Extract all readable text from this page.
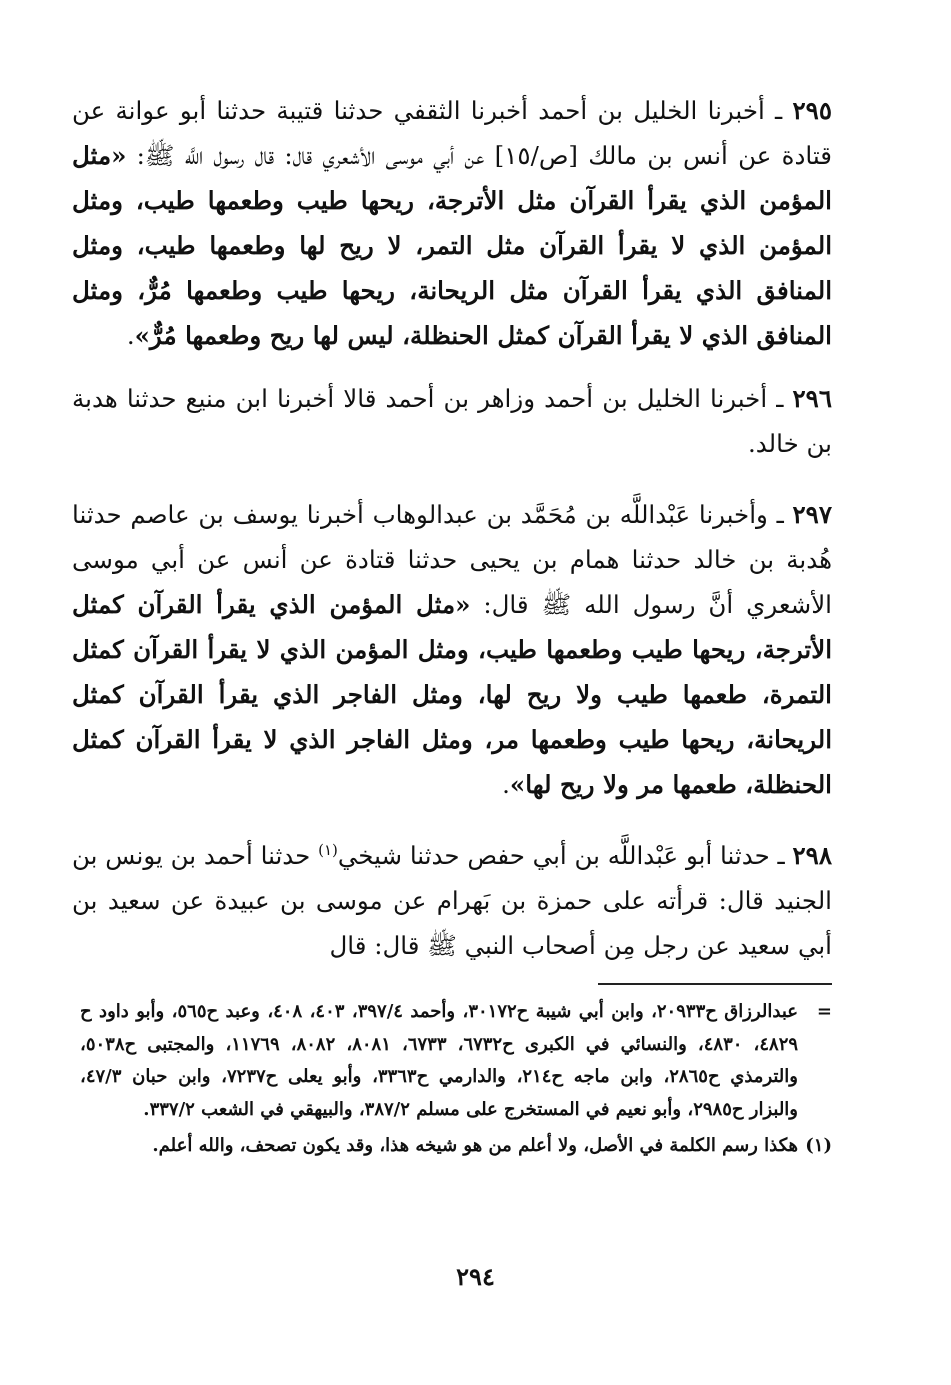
٢٩٥ ـ أخبرنا الخليل بن أحمد أخبرنا الثقفي حدثنا قتيبة حدثنا أبو عوانة عن قتادة عن أنس بن مالك [ص/١٥] عن أبي موسى الأشعري قال: قال رسول اللَّه ﷺ: «مثل المؤمن الذي يقرأ القرآن مثل الأترجة، ريحها طيب وطعمها طيب، ومثل المؤمن الذي لا يقرأ القرآن مثل التمر، لا ريح لها وطعمها طيب، ومثل المنافق الذي يقرأ القرآن مثل الريحانة، ريحها طيب وطعمها مُرٌّ، ومثل المنافق الذي لا يقرأ القرآن كمثل الحنظلة، ليس لها ريح وطعمها مُرٌّ».

٢٩٦ ـ أخبرنا الخليل بن أحمد وزاهر بن أحمد قالا أخبرنا ابن منيع حدثنا هدبة بن خالد.

٢٩٧ ـ وأخبرنا عَبْداللَّه بن مُحَمَّد بن عبدالوهاب أخبرنا يوسف بن عاصم حدثنا هُدبة بن خالد حدثنا همام بن يحيى حدثنا قتادة عن أنس عن أبي موسى الأشعري أنَّ رسول الله ﷺ قال: «مثل المؤمن الذي يقرأ القرآن كمثل الأترجة، ريحها طيب وطعمها طيب، ومثل المؤمن الذي لا يقرأ القرآن كمثل التمرة، طعمها طيب ولا ريح لها، ومثل الفاجر الذي يقرأ القرآن كمثل الريحانة، ريحها طيب وطعمها مر، ومثل الفاجر الذي لا يقرأ القرآن كمثل الحنظلة، طعمها مر ولا ريح لها».

٢٩٨ ـ حدثنا أبو عَبْداللَّه بن أبي حفص حدثنا شيخي$^{(١)}$ حدثنا أحمد بن يونس بن الجنيد قال: قرأته على حمزة بن بَهرام عن موسى بن عبيدة عن سعيد بن أبي سعيد عن رجل مِن أصحاب النبي ﷺ قال: قال

=
عبدالرزاق ح٢٠٩٣٣، وابن أبي شيبة ح٣٠١٧٢، وأحمد ٣٩٧/٤، ٤٠٣، ٤٠٨، وعبد ح٥٦٥، وأبو داود ح ٤٨٢٩، ٤٨٣٠، والنسائي في الكبرى ح٦٧٣٢، ٦٧٣٣، ٨٠٨١، ٨٠٨٢، ١١٧٦٩، والمجتبى ح٥٠٣٨، والترمذي ح٢٨٦٥، وابن ماجه ح٢١٤، والدارمي ح٣٣٦٣، وأبو يعلى ح٧٢٣٧، وابن حبان ٤٧/٣، والبزار ح٢٩٨٥، وأبو نعيم في المستخرج على مسلم ٣٨٧/٢، والبيهقي في الشعب ٣٣٧/٢.
(١)
هكذا رسم الكلمة في الأصل، ولا أعلم من هو شيخه هذا، وقد يكون تصحف، والله أعلم.
٢٩٤
